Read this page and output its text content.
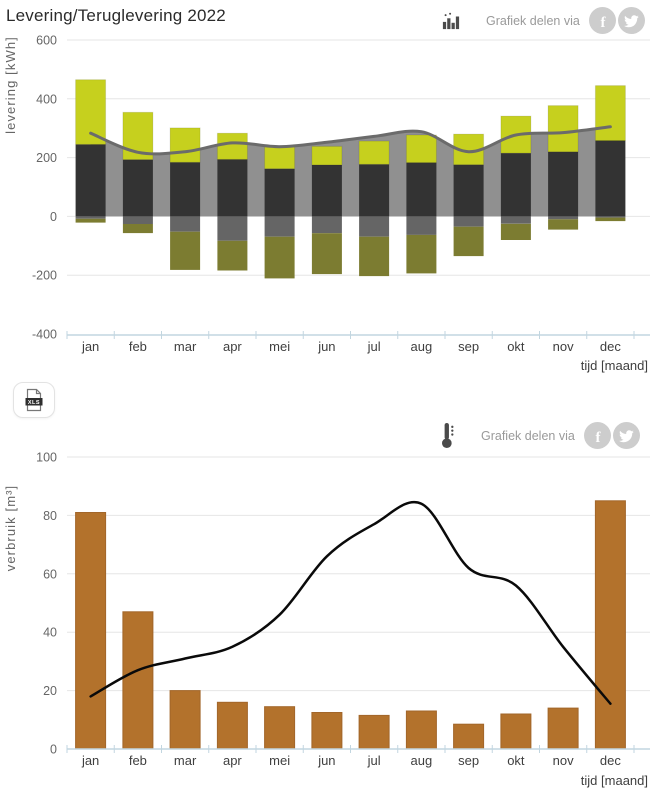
600
400
200
0
-200
-400
levering [kWh]
jan feb mar apr mei jun jul aug sep okt nov dec
tijd [maand]
100
80
60
40
20
0
verbruik [m³]
jan feb mar apr mei jun jul aug sep okt nov dec
tijd [maand]
Levering/Teruglevering 2022	Grafiek delen via f
XLS
Grafiek delen via f
